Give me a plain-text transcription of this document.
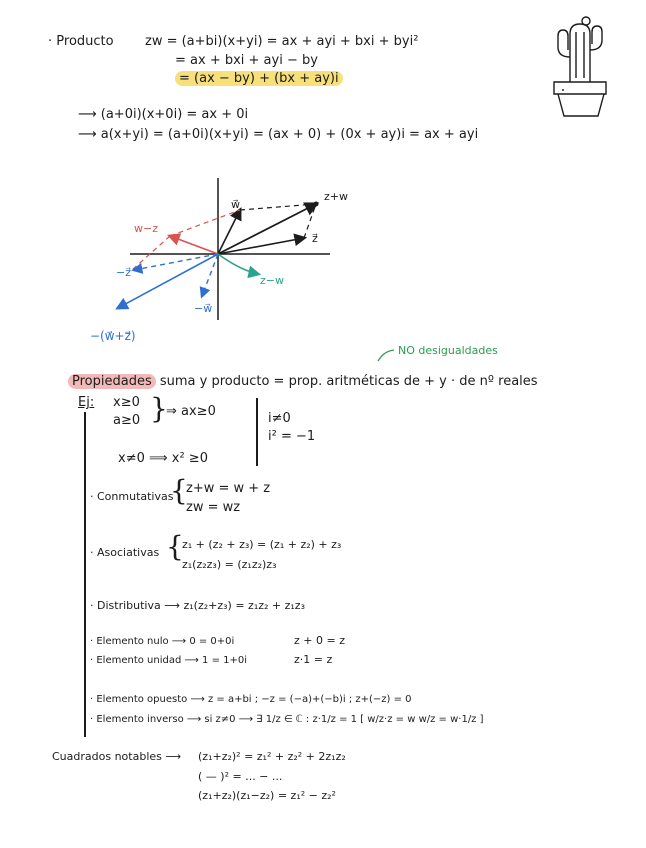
· Producto zw = (a+bi)(x+yi) = ax + ayi + bxi + byi²
= ax + bxi + ayi − by
= (ax − by) + (bx + ay)i
⟶ (a+0i)(x+0i) = ax + 0i
⟶ a(x+yi) = (a+0i)(x+yi) = (ax + 0) + (0x + ay)i = ax + ayi
z+w
w⃗
z⃗
w−z
−z⃗
z−w
−w⃗
−(w⃗+z⃗)
NO desigualdades
Propiedades suma y producto = prop. aritméticas de + y · de nº reales
Ej: x≥0
a≥0 }
⇒ ax≥0
x≠0 ⟹ x² ≥0
i≠0
i² = −1
· Conmutativas
{
z+w = w + z
zw = wz
· Asociativas {
z₁ + (z₂ + z₃) = (z₁ + z₂) + z₃
z₁(z₂z₃) = (z₁z₂)z₃
· Distributiva ⟶ z₁(z₂+z₃) = z₁z₂ + z₁z₃
· Elemento nulo ⟶ 0 = 0+0i	z + 0 = z
· Elemento unidad ⟶ 1 = 1+0i	z·1 = z
· Elemento opuesto ⟶ z = a+bi ; −z = (−a)+(−b)i ; z+(−z) = 0
· Elemento inverso ⟶ si z≠0 ⟶ ∃ 1/z ∈ ℂ : z·1/z = 1 [ w/z·z = w w/z = w·1/z ]
Cuadrados notables ⟶ (z₁+z₂)² = z₁² + z₂² + 2z₁z₂
( — )² = ... − ...
(z₁+z₂)(z₁−z₂) = z₁² − z₂²
